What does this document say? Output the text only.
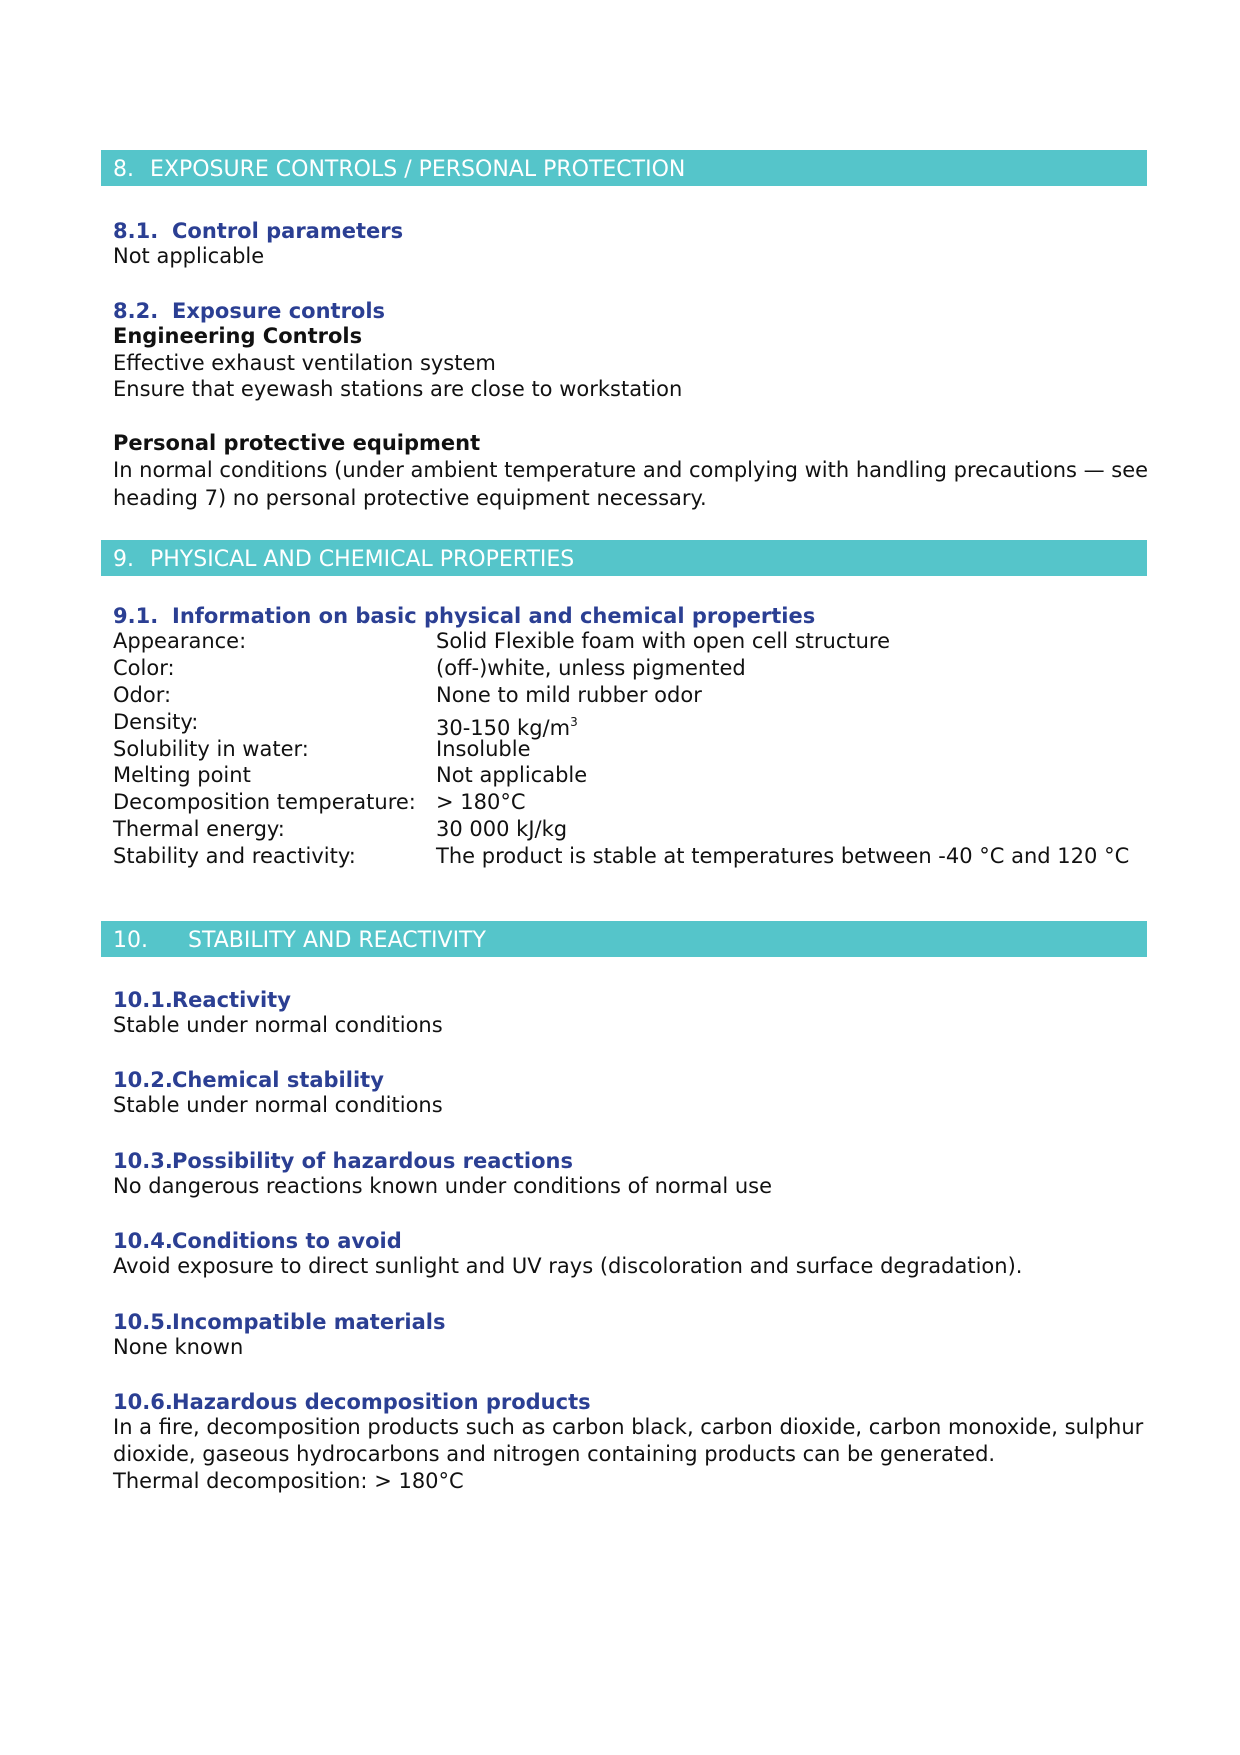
8. EXPOSURE CONTROLS / PERSONAL PROTECTION
8.1. Control parameters
Not applicable
8.2. Exposure controls
Engineering Controls
Effective exhaust ventilation system
Ensure that eyewash stations are close to workstation
Personal protective equipment
In normal conditions (under ambient temperature and complying with handling precautions — see
heading 7) no personal protective equipment necessary.
9. PHYSICAL AND CHEMICAL PROPERTIES
9.1. Information on basic physical and chemical properties
Appearance:	Solid Flexible foam with open cell structure
Color:	(off-)white, unless pigmented
Odor:	None to mild rubber odor
Density:	30-150 $kg/m^3$
Solubility in water:	Insoluble
Melting point	Not applicable
Decomposition temperature: > 180°C
Thermal energy:	30 000 kJ/kg
Stability and reactivity:	The product is stable at temperatures between -40 °C and 120 °C
10. STABILITY AND REACTIVITY
10.1.Reactivity
Stable under normal conditions
10.2.Chemical stability
Stable under normal conditions
10.3.Possibility of hazardous reactions
No dangerous reactions known under conditions of normal use
10.4.Conditions to avoid
Avoid exposure to direct sunlight and UV rays (discoloration and surface degradation).
10.5.Incompatible materials
None known
10.6.Hazardous decomposition products
In a fire, decomposition products such as carbon black, carbon dioxide, carbon monoxide, sulphur
dioxide, gaseous hydrocarbons and nitrogen containing products can be generated.
Thermal decomposition: > 180°C
